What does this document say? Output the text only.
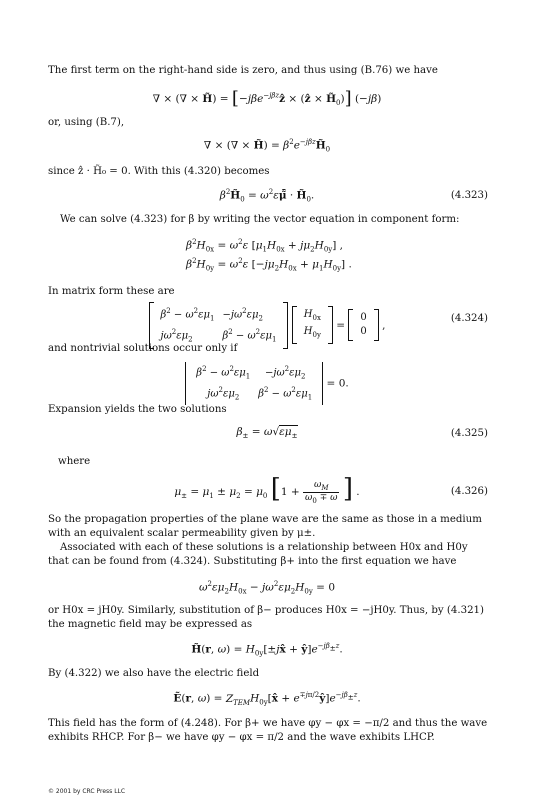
The first term on the right-hand side is zero, and thus using (B.76) we have
∇ × (∇ × H̃) = [−jβe$^{-j\beta z}$ẑ × (ẑ × $H̃_0$)] (−jβ)
or, using (B.7),
∇ × (∇ × H̃) = $\beta^2e^{-j\beta z}H̃_0$
since ẑ · H̃₀ = 0. With this (4.320) becomes
$\beta^2H̃_0$ = $\omega^2\varepsilon\mũ̄$ · $H̃_0$.	(4.323)
We can solve (4.323) for β by writing the vector equation in component form:
$\beta^2H_{0x} = \omega^2\varepsilon$ $[\mu_1H_{0x} + j\mu_2H_{0y}]$ ,
$\beta^2H_{0y} = \omega^2\varepsilon$ $[-j\mu_2H_{0x} + \mu_1H_{0y}]$ .
In matrix form these are
$\beta^2 - \omega^2\varepsilon\mu_1$	$-j\omega^2\varepsilon\mu_2$
$j\omega^2\varepsilon\mu_2$	$\beta^2 - \omega^2\varepsilon\mu_1$

$H_{0x}$
$H_{0y}$
=
0
0
,
(4.324)
and nontrivial solutions occur only if
$\beta^2 - \omega^2\varepsilon\mu_1$	$-j\omega^2\varepsilon\mu_2$
$j\omega^2\varepsilon\mu_2$	$\beta^2 - \omega^2\varepsilon\mu_1$
= 0.
Expansion yields the two solutions
$\beta_\pm = \omega√\varepsilon\mu_\pm$	(4.325)
where
$\mu_\pm = \mu_1 \pm \mu_2 = \mu_0$ [$1 + \frac{\omega_M}{\omega_0 \mp \omega}$ ] .	(4.326)
So the propagation properties of the plane wave are the same as those in a medium with an equivalent scalar permeability given by μ±.
Associated with each of these solutions is a relationship between H0x and H0y that can be found from (4.324). Substituting β+ into the first equation we have
$\omega^2\varepsilon\mu_2H_{0x} - j\omega^2\varepsilon\mu_2H_{0y} = 0$
or H0x = jH0y. Similarly, substitution of β− produces H0x = −jH0y. Thus, by (4.321) the magnetic field may be expressed as
H̃(r, $\omega) = H_{0y}[\pm jx̂$ + $ŷ]e^{-j\beta_\pm z}$.
By (4.322) we also have the electric field
Ẽ(r, $\omega) = Z_{TEM}H_{0y}[x̂$ + $e^{\mp j\pi/2}ŷ]e^{-j\beta_\pm z}$.
This field has the form of (4.248). For β+ we have φy − φx = −π/2 and thus the wave exhibits RHCP. For β− we have φy − φx = π/2 and the wave exhibits LHCP.
© 2001 by CRC Press LLC
